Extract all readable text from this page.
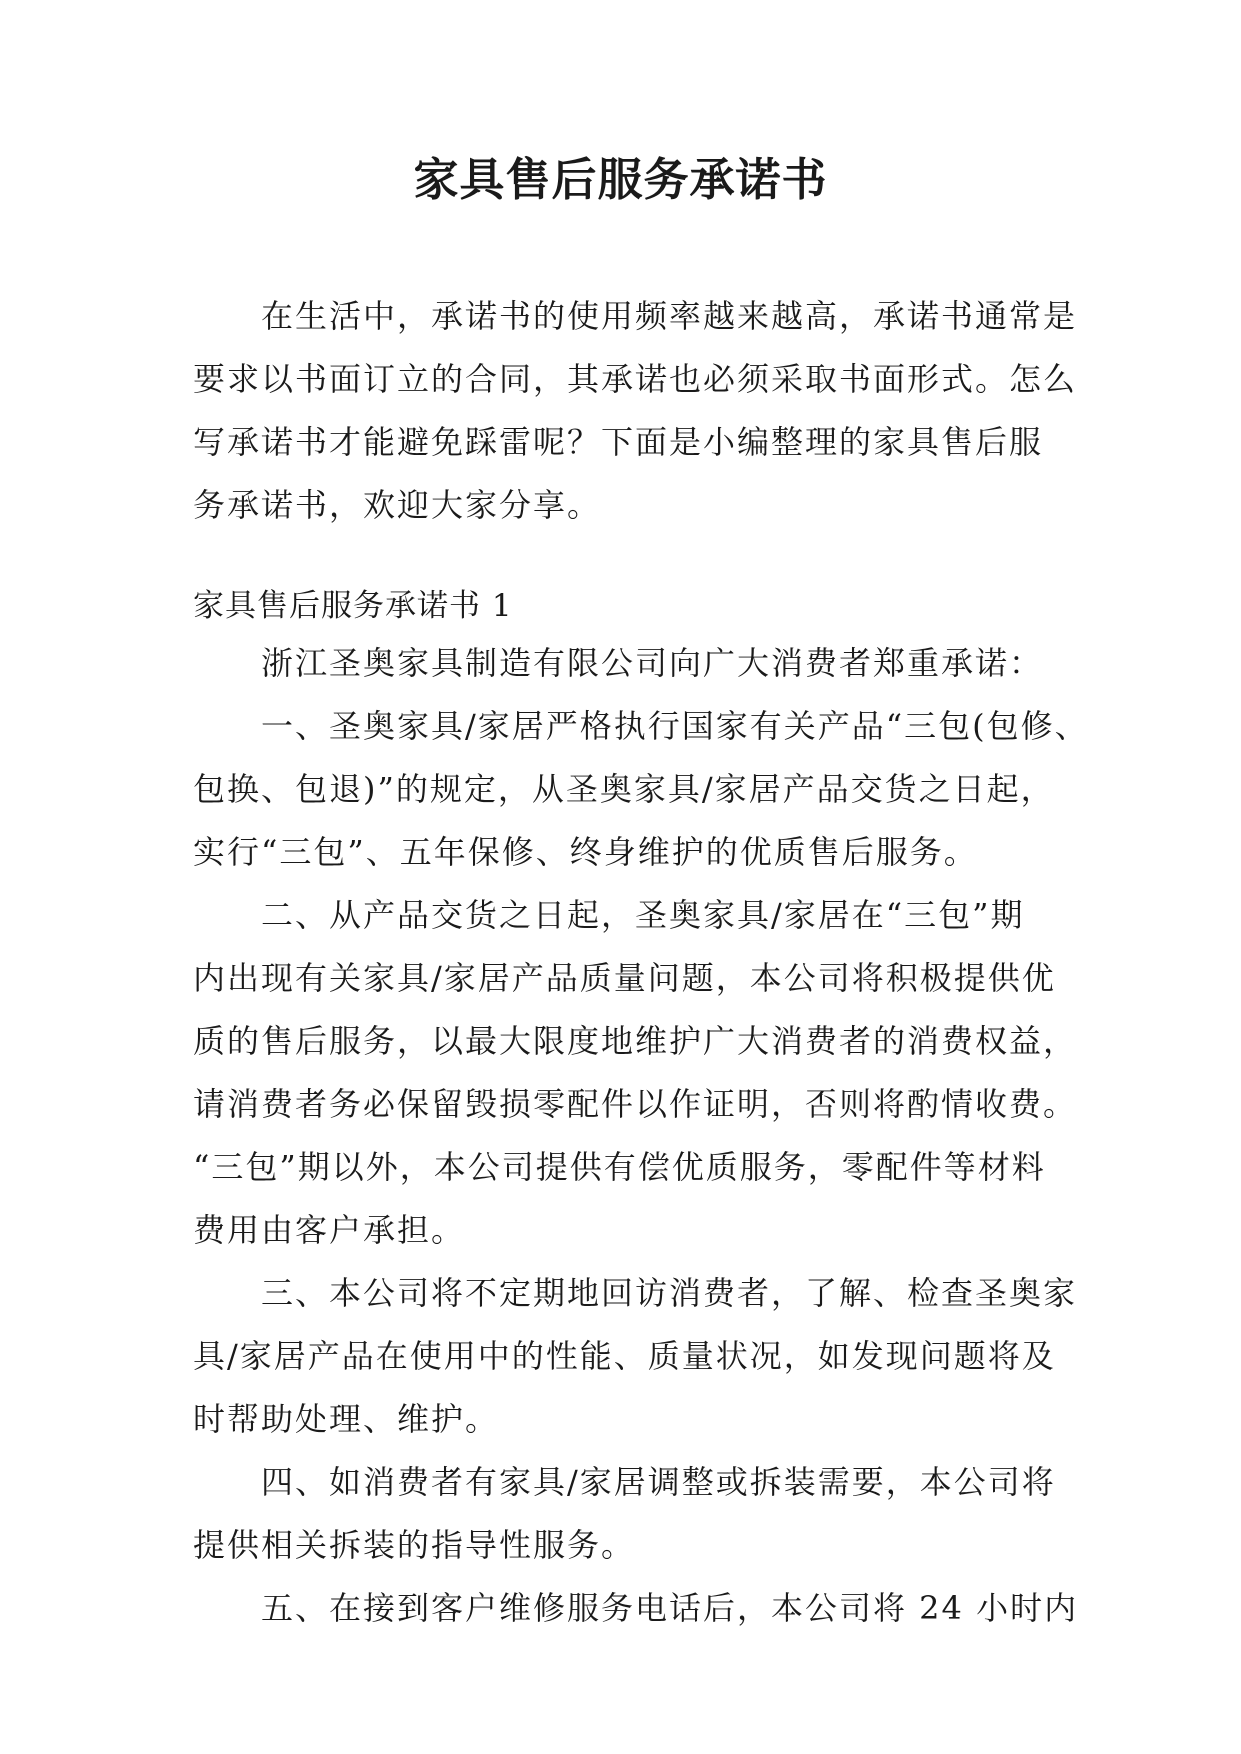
家具售后服务承诺书
在生活中，承诺书的使用频率越来越高，承诺书通常是
要求以书面订立的合同，其承诺也必须采取书面形式。怎么
写承诺书才能避免踩雷呢？下面是小编整理的家具售后服
务承诺书，欢迎大家分享。
家具售后服务承诺书 1
浙江圣奥家具制造有限公司向广大消费者郑重承诺：
一、圣奥家具/家居严格执行国家有关产品“三包(包修、
包换、包退)”的规定，从圣奥家具/家居产品交货之日起，
实行“三包”、五年保修、终身维护的优质售后服务。
二、从产品交货之日起，圣奥家具/家居在“三包”期
内出现有关家具/家居产品质量问题，本公司将积极提供优
质的售后服务，以最大限度地维护广大消费者的消费权益，
请消费者务必保留毁损零配件以作证明，否则将酌情收费。
“三包”期以外，本公司提供有偿优质服务，零配件等材料
费用由客户承担。
三、本公司将不定期地回访消费者，了解、检查圣奥家
具/家居产品在使用中的性能、质量状况，如发现问题将及
时帮助处理、维护。
四、如消费者有家具/家居调整或拆装需要，本公司将
提供相关拆装的指导性服务。
五、在接到客户维修服务电话后，本公司将 24 小时内
